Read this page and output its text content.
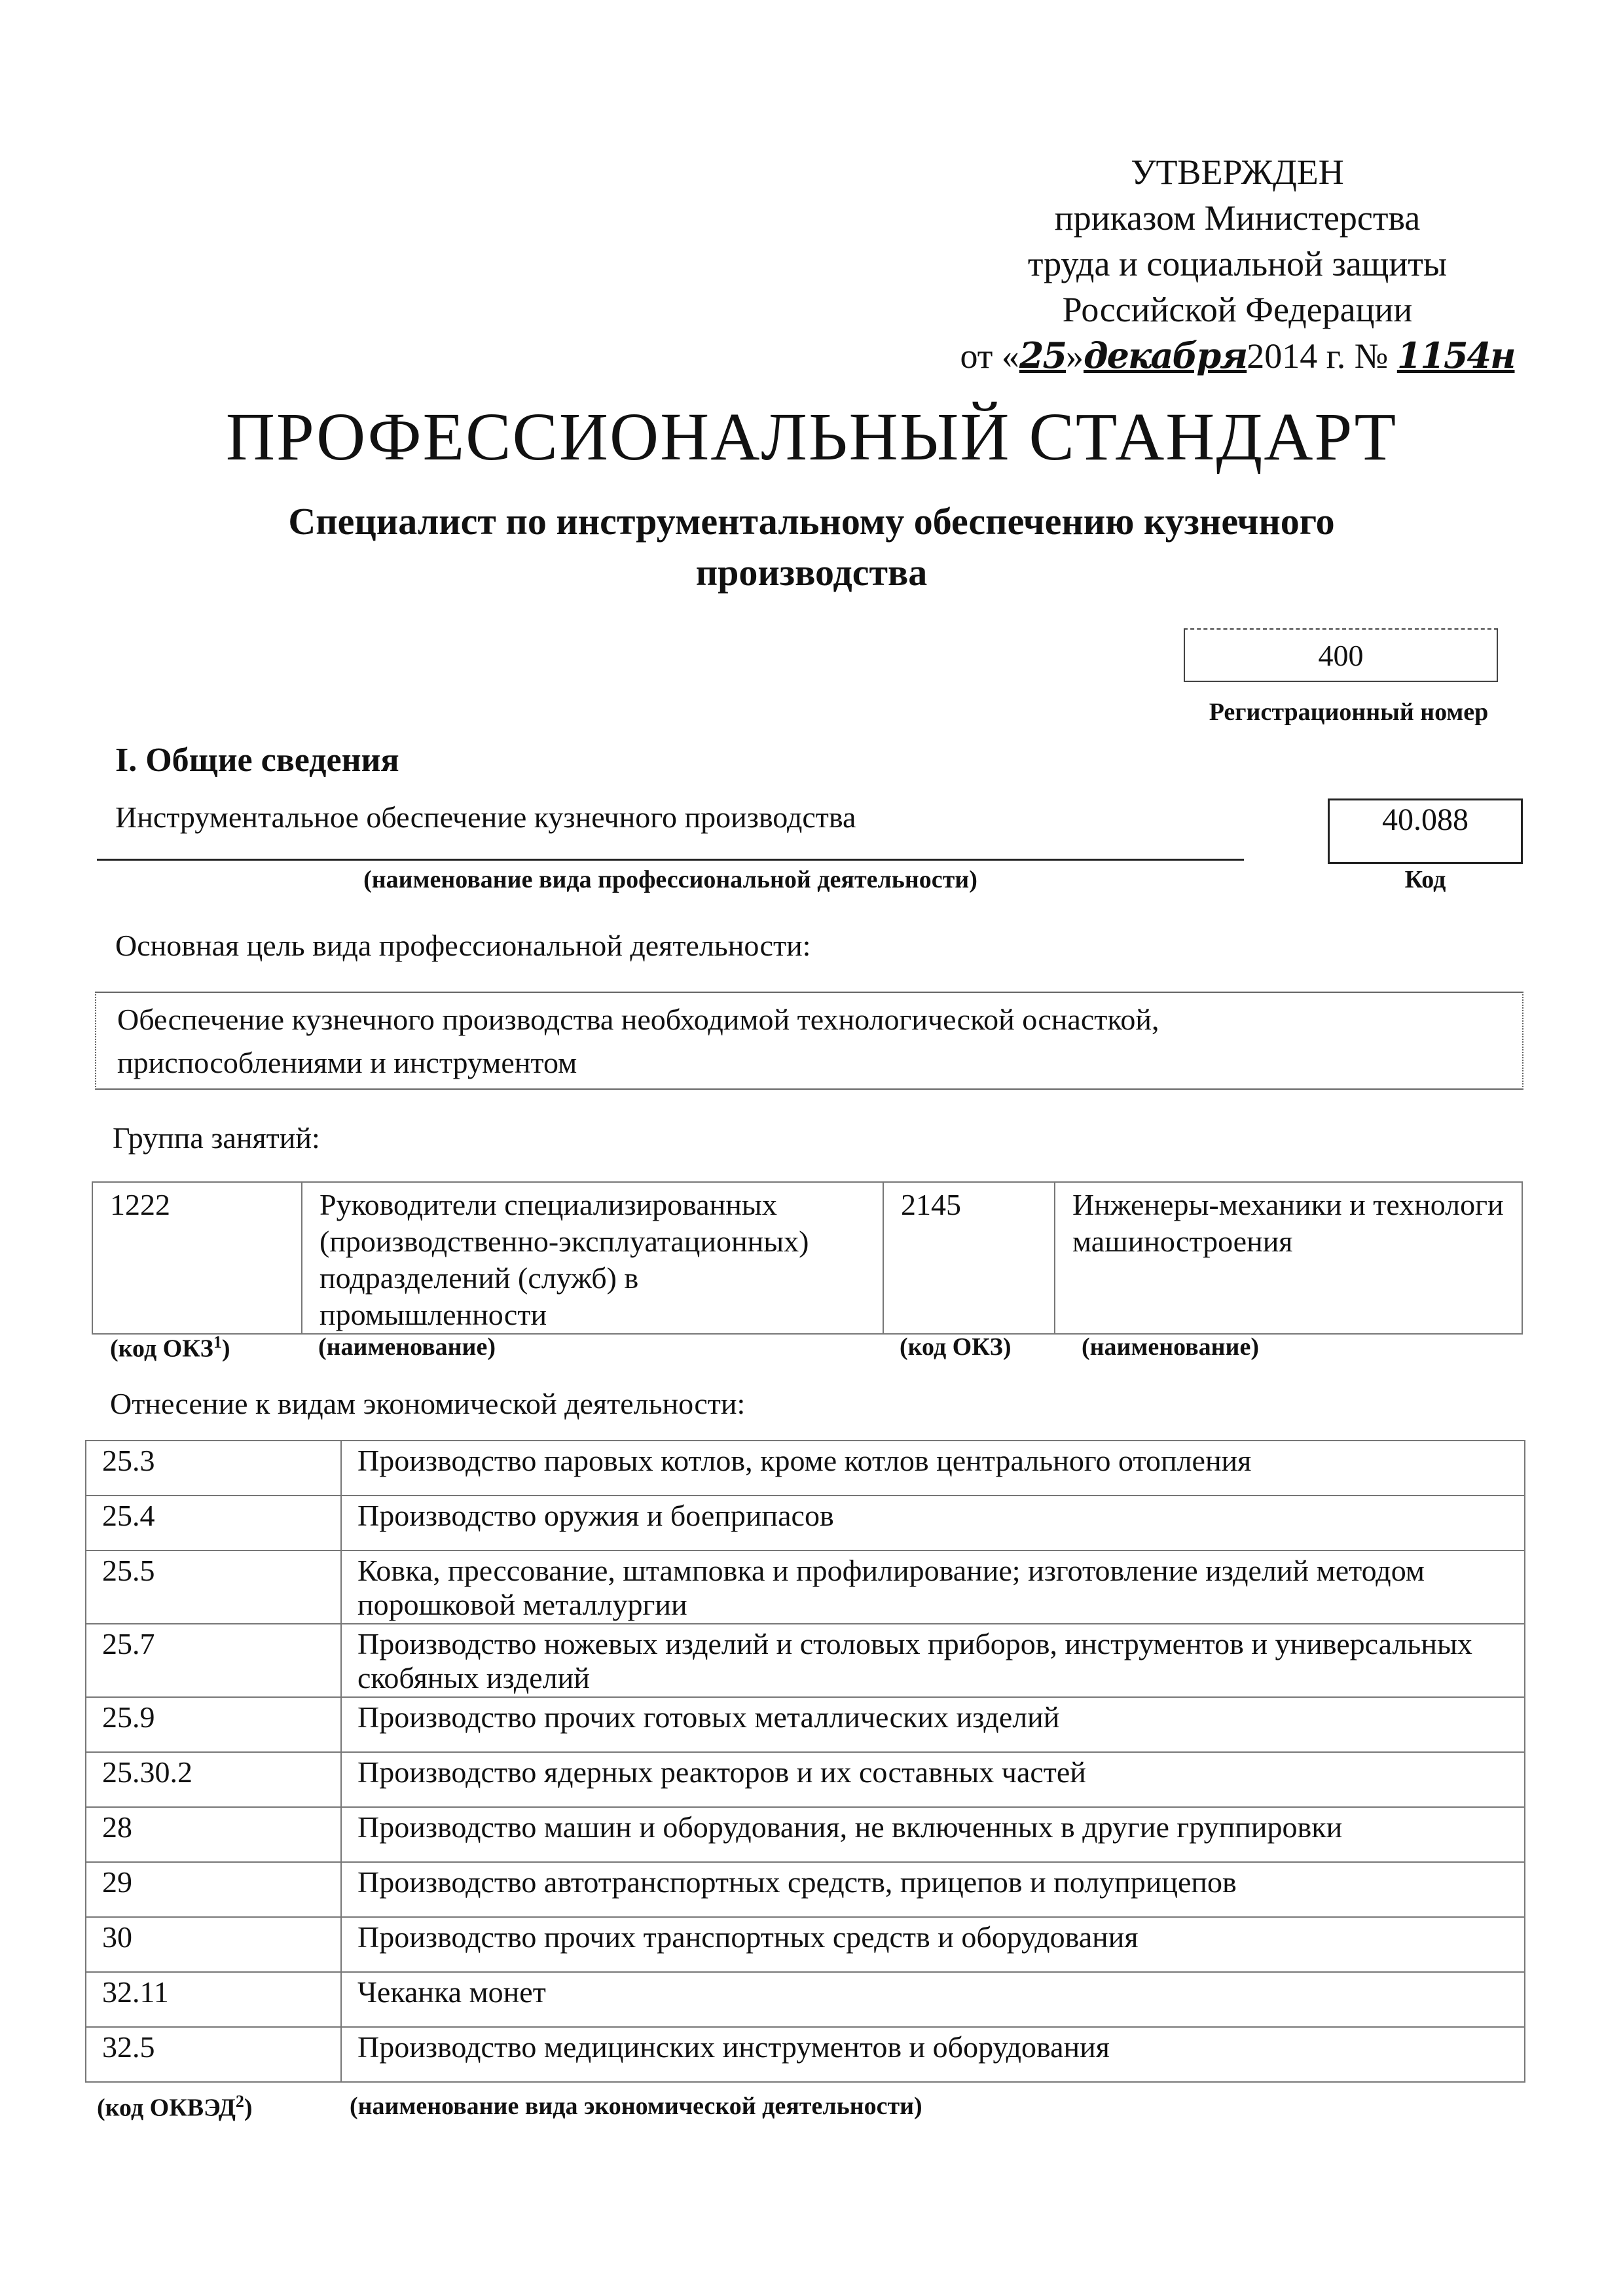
УТВЕРЖДЕН
приказом Министерства
труда и социальной защиты
Российской Федерации
от «25»декабря2014 г. № 1154н
ПРОФЕССИОНАЛЬНЫЙ СТАНДАРТ
Специалист по инструментальному обеспечению кузнечного
производства
400
Регистрационный номер
I. Общие сведения
Инструментальное обеспечение кузнечного производства
(наименование вида профессиональной деятельности)
40.088
Код
Основная цель вида профессиональной деятельности:
Обеспечение кузнечного производства необходимой технологической оснасткой,
приспособлениями и инструментом
Группа занятий:
1222	Руководители специализированных (производственно-эксплуатационных) подразделений (служб) в промышленности	2145	Инженеры-механики и технологи машиностроения
(код ОКЗ$^1$)	(наименование)	(код ОКЗ)	(наименование)
Отнесение к видам экономической деятельности:
25.3	Производство паровых котлов, кроме котлов центрального отопления
25.4	Производство оружия и боеприпасов
25.5	Ковка, прессование, штамповка и профилирование; изготовление изделий методом порошковой металлургии
25.7	Производство ножевых изделий и столовых приборов, инструментов и универсальных скобяных изделий
25.9	Производство прочих готовых металлических изделий
25.30.2	Производство ядерных реакторов и их составных частей
28	Производство машин и оборудования, не включенных в другие группировки
29	Производство автотранспортных средств, прицепов и полуприцепов
30	Производство прочих транспортных средств и оборудования
32.11	Чеканка монет
32.5	Производство медицинских инструментов и оборудования
(код ОКВЭД$^2$)	(наименование вида экономической деятельности)
